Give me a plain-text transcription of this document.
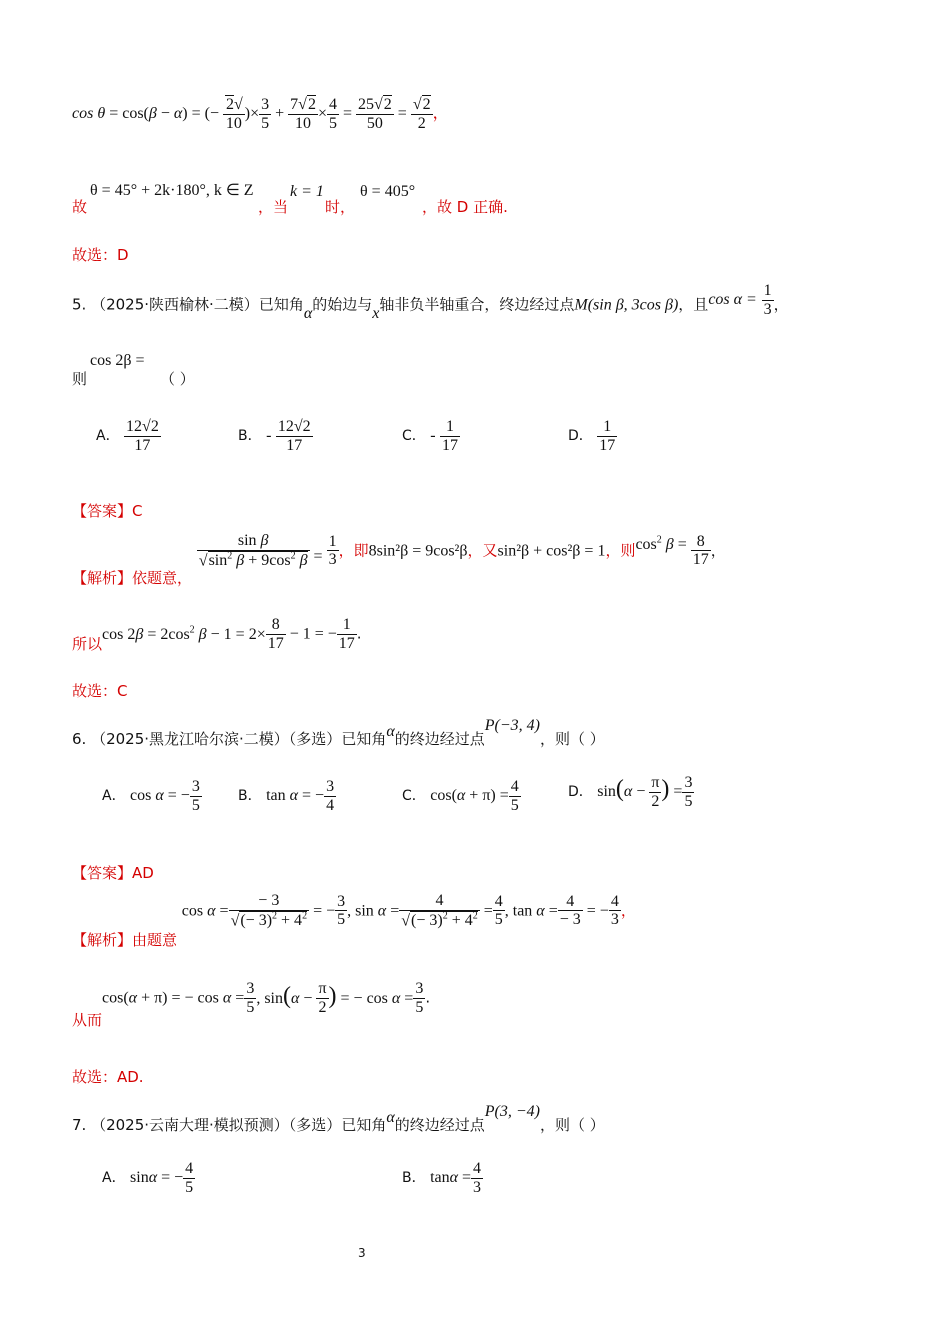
cos θ = cos(β − α) = (− $\frac{2√}{10}$ )× $\frac{3}{5} + \frac{7√2}{10} \times \frac{4}{5} = \frac{25√2}{50} = \frac{√2}{2}$ ，
故
θ = 45° + 2k·180°, k ∈ Z
，当
k = 1
时，
θ = 405°
，故 D 正确.
故选：D
5. （2025·陕西榆林·二模）已知角α的始边与x轴非负半轴重合，终边经过点M(sin β, 3cos β)，且$\cos \alpha = \frac{1}{3}$ ，
cos 2β =
则	（ ）
A． $\frac{12√2}{17}$	B． - $\frac{12√2}{17}$	C． - $\frac{1}{17}$	D． $\frac{1}{17}$
【答案】C
【解析】依题意，
$\frac{\text{sin β}}{√\sin^2 \beta + 9\cos^2 \beta} = \frac{1}{3}$ ，即8sin²β = 9cos²β，又sin²β + cos²β = 1，则$\cos^2 \beta = \frac{8}{17}$ ，
所以$\cos 2\beta = 2\cos^2$ $\beta - 1 = 2\times \frac{8}{17} - 1$ = − $\frac{1}{17}$ .
故选：C
6. （2025·黑龙江哈尔滨·二模）（多选）已知角α的终边经过点P(−3, 4)，则（ ）
A． cos α = − $\frac{3}{5}$	B． tan α = − $\frac{3}{4}$	C． $\cos(\alpha + \pi) = \frac{4}{5}$	D． $\sin(\alpha - \frac{\pi}{2}$ ) = $\frac{3}{5}$
【答案】AD
【解析】由题意 $\cos \alpha = \frac{- 3}{√(- 3)^2 + 4^2}$ = − $\frac{3}{5}$ , $\sin \alpha = \frac{4}{√(- 3)^2 + 4^2} = \frac{4}{5}$ , $\tan \alpha = \frac{4}{- 3}$ = − $\frac{4}{3}$ ，
从而cos(α + π) = − $\cos \alpha = \frac{3}{5}$ , $\sin(\alpha - \frac{\pi}{2}$ ) = − $\cos \alpha = \frac{3}{5}$ .
故选：AD.
7. （2025·云南大理·模拟预测）（多选）已知角α的终边经过点P(3, −4)，则（ ）
A． sinα = − $\frac{4}{5}$	B． $\tan\alpha = \frac{4}{3}$
3
